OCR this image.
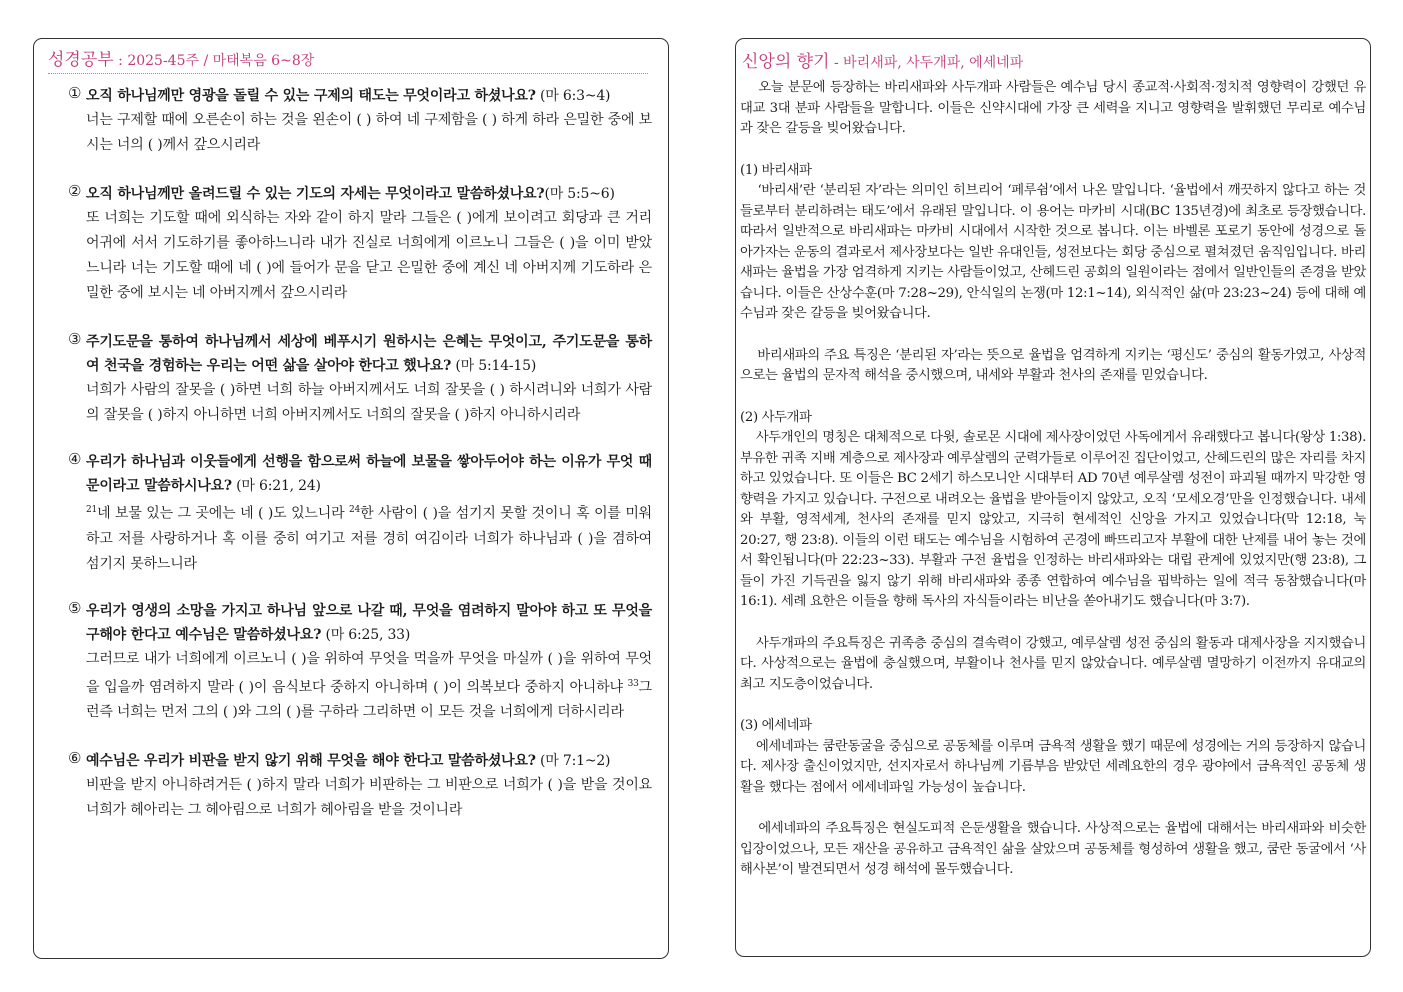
성경공부 : 2025-45주 / 마태복음 6~8장
① 오직 하나님께만 영광을 돌릴 수 있는 구제의 태도는 무엇이라고 하셨나요? (마 6:3~4)
너는 구제할 때에 오른손이 하는 것을 왼손이 ( ) 하여 네 구제함을 ( ) 하게 하라 은밀한 중에 보시는 너의 ( )께서 갚으시리라
② 오직 하나님께만 올려드릴 수 있는 기도의 자세는 무엇이라고 말씀하셨나요?(마 5:5~6)
또 너희는 기도할 때에 외식하는 자와 같이 하지 말라 그들은 ( )에게 보이려고 회당과 큰 거리 어귀에 서서 기도하기를 좋아하느니라 내가 진실로 너희에게 이르노니 그들은 ( )을 이미 받았느니라 너는 기도할 때에 네 ( )에 들어가 문을 닫고 은밀한 중에 계신 네 아버지께 기도하라 은밀한 중에 보시는 네 아버지께서 갚으시리라
③ 주기도문을 통하여 하나님께서 세상에 베푸시기 원하시는 은혜는 무엇이고, 주기도문을 통하여 천국을 경험하는 우리는 어떤 삶을 살아야 한다고 했나요? (마 5:14-15)
너희가 사람의 잘못을 ( )하면 너희 하늘 아버지께서도 너희 잘못을 ( ) 하시려니와 너희가 사람의 잘못을 ( )하지 아니하면 너희 아버지께서도 너희의 잘못을 ( )하지 아니하시리라
④ 우리가 하나님과 이웃들에게 선행을 함으로써 하늘에 보물을 쌓아두어야 하는 이유가 무엇 때문이라고 말씀하시나요? (마 6:21, 24)
$^{21}$네 보물 있는 그 곳에는 네 ( )도 있느니라 $^{24}$한 사람이 ( )을 섬기지 못할 것이니 혹 이를 미워하고 저를 사랑하거나 혹 이를 중히 여기고 저를 경히 여김이라 너희가 하나님과 ( )을 겸하여 섬기지 못하느니라
⑤ 우리가 영생의 소망을 가지고 하나님 앞으로 나갈 때, 무엇을 염려하지 말아야 하고 또 무엇을 구해야 한다고 예수님은 말씀하셨나요? (마 6:25, 33)
그러므로 내가 너희에게 이르노니 ( )을 위하여 무엇을 먹을까 무엇을 마실까 ( )을 위하여 무엇을 입을까 염려하지 말라 ( )이 음식보다 중하지 아니하며 ( )이 의복보다 중하지 아니하냐 $^{33}$그런즉 너희는 먼저 그의 ( )와 그의 ( )를 구하라 그리하면 이 모든 것을 너희에게 더하시리라
⑥ 예수님은 우리가 비판을 받지 않기 위해 무엇을 해야 한다고 말씀하셨나요? (마 7:1~2)
비판을 받지 아니하려거든 ( )하지 말라 너희가 비판하는 그 비판으로 너희가 ( )을 받을 것이요 너희가 헤아리는 그 헤아림으로 너희가 헤아림을 받을 것이니라
신앙의 향기 - 바리새파, 사두개파, 에세네파

오늘 분문에 등장하는 바리새파와 사두개파 사람들은 예수님 당시 종교적·사회적·정치적 영향력이 강했던 유대교 3대 분파 사람들을 말합니다. 이들은 신약시대에 가장 큰 세력을 지니고 영향력을 발휘했던 무리로 예수님과 잦은 갈등을 빚어왔습니다.

(1) 바리새파

‘바리새’란 ‘분리된 자’라는 의미인 히브리어 ‘페루쉼’에서 나온 말입니다. ‘율법에서 깨끗하지 않다고 하는 것들로부터 분리하려는 태도’에서 유래된 말입니다. 이 용어는 마카비 시대(BC 135년경)에 최초로 등장했습니다. 따라서 일반적으로 바리새파는 마카비 시대에서 시작한 것으로 봅니다. 이는 바벨론 포로기 동안에 성경으로 돌아가자는 운동의 결과로서 제사장보다는 일반 유대인들, 성전보다는 회당 중심으로 펼쳐졌던 움직임입니다. 바리새파는 율법을 가장 엄격하게 지키는 사람들이었고, 산헤드린 공회의 일원이라는 점에서 일반인들의 존경을 받았습니다. 이들은 산상수훈(마 7:28~29), 안식일의 논쟁(마 12:1~14), 외식적인 삶(마 23:23~24) 등에 대해 예수님과 잦은 갈등을 빚어왔습니다.

바리새파의 주요 특징은 ‘분리된 자’라는 뜻으로 율법을 엄격하게 지키는 ‘평신도’ 중심의 활동가였고, 사상적으로는 율법의 문자적 해석을 중시했으며, 내세와 부활과 천사의 존재를 믿었습니다.

(2) 사두개파

사두개인의 명칭은 대체적으로 다윗, 솔로몬 시대에 제사장이었던 사독에게서 유래했다고 봅니다(왕상 1:38). 부유한 귀족 지배 계층으로 제사장과 예루살렘의 군력가들로 이루어진 집단이었고, 산헤드린의 많은 자리를 차지하고 있었습니다. 또 이들은 BC 2세기 하스모니안 시대부터 AD 70년 예루살렘 성전이 파괴될 때까지 막강한 영향력을 가지고 있습니다. 구전으로 내려오는 율법을 받아들이지 않았고, 오직 ‘모세오경’만을 인정했습니다. 내세와 부활, 영적세계, 천사의 존재를 믿지 않았고, 지극히 현세적인 신앙을 가지고 있었습니다(막 12:18, 눅 20:27, 행 23:8). 이들의 이런 태도는 예수님을 시험하여 곤경에 빠뜨리고자 부활에 대한 난제를 내어 놓는 것에서 확인됩니다(마 22:23~33). 부활과 구전 율법을 인정하는 바리새파와는 대립 관계에 있었지만(행 23:8), 그들이 가진 기득권을 잃지 않기 위해 바리새파와 종종 연합하여 예수님을 핍박하는 일에 적극 동참했습니다(마 16:1). 세례 요한은 이들을 향해 독사의 자식들이라는 비난을 쏟아내기도 했습니다(마 3:7).

사두개파의 주요특징은 귀족층 중심의 결속력이 강했고, 예루살렘 성전 중심의 활동과 대제사장을 지지했습니다. 사상적으로는 율법에 충실했으며, 부활이나 천사를 믿지 않았습니다. 예루살렘 멸망하기 이전까지 유대교의 최고 지도층이었습니다.

(3) 에세네파

에세네파는 쿰란동굴을 중심으로 공동체를 이루며 금욕적 생활을 했기 때문에 성경에는 거의 등장하지 않습니다. 제사장 출신이었지만, 선지자로서 하나님께 기름부음 받았던 세례요한의 경우 광야에서 금욕적인 공동체 생활을 했다는 점에서 에세네파일 가능성이 높습니다.

에세네파의 주요특징은 현실도피적 은둔생활을 했습니다. 사상적으로는 율법에 대해서는 바리새파와 비슷한 입장이었으나, 모든 재산을 공유하고 금욕적인 삶을 살았으며 공동체를 형성하여 생활을 했고, 쿰란 동굴에서 ‘사해사본’이 발견되면서 성경 해석에 몰두했습니다.
